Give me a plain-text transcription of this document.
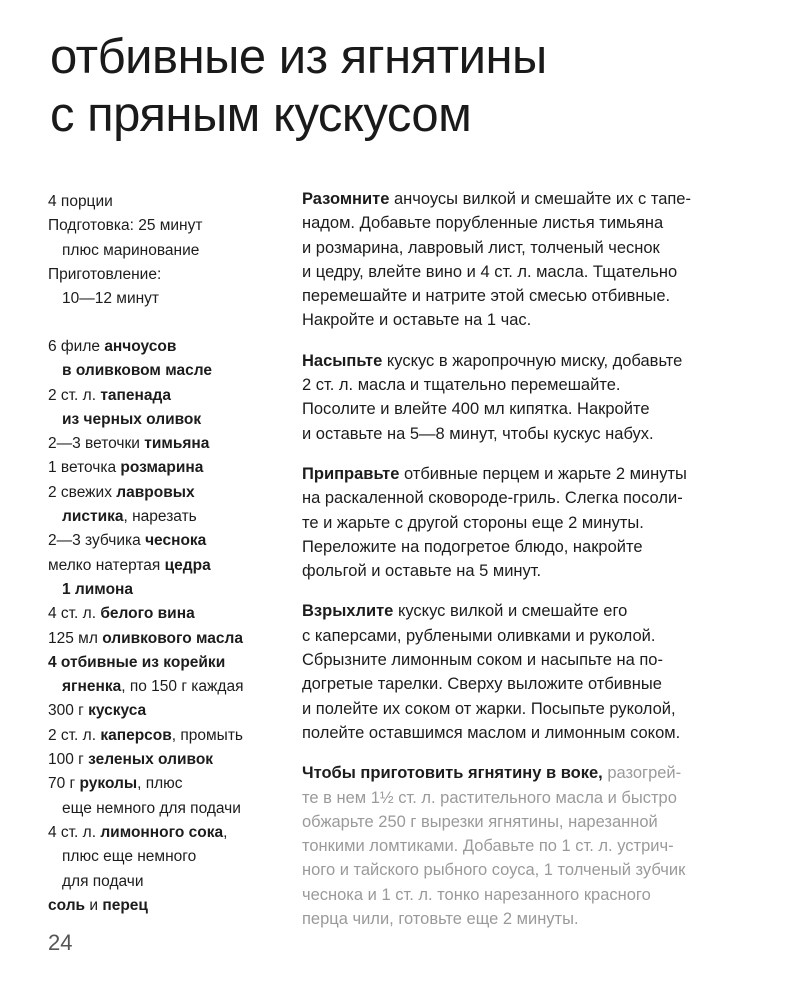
отбивные из ягнятины
с пряным кускусом
4 порции
Подготовка: 25 минут
плюс маринование
Приготовление:
10—12 минут
6 филе анчоусов
в оливковом масле
2 ст. л. тапенада
из черных оливок
2—3 веточки тимьяна
1 веточка розмарина
2 свежих лавровых
листика, нарезать
2—3 зубчика чеснока
мелко натертая цедра
1 лимона
4 ст. л. белого вина
125 мл оливкового масла
4 отбивные из корейки
ягненка, по 150 г каждая
300 г кускуса
2 ст. л. каперсов, промыть
100 г зеленых оливок
70 г руколы, плюс
еще немного для подачи
4 ст. л. лимонного сока,
плюс еще немного
для подачи
соль и перец
Разомните анчоусы вилкой и смешайте их с тапе-
надом. Добавьте порубленные листья тимьяна
и розмарина, лавровый лист, толченый чеснок
и цедру, влейте вино и 4 ст. л. масла. Тщательно
перемешайте и натрите этой смесью отбивные.
Накройте и оставьте на 1 час.
Насыпьте кускус в жаропрочную миску, добавьте
2 ст. л. масла и тщательно перемешайте.
Посолите и влейте 400 мл кипятка. Накройте
и оставьте на 5—8 минут, чтобы кускус набух.
Приправьте отбивные перцем и жарьте 2 минуты
на раскаленной сковороде-гриль. Слегка посоли-
те и жарьте с другой стороны еще 2 минуты.
Переложите на подогретое блюдо, накройте
фольгой и оставьте на 5 минут.
Взрыхлите кускус вилкой и смешайте его
с каперсами, рублеными оливками и руколой.
Сбрызните лимонным соком и насыпьте на по-
догретые тарелки. Сверху выложите отбивные
и полейте их соком от жарки. Посыпьте руколой,
полейте оставшимся маслом и лимонным соком.
Чтобы приготовить ягнятину в воке, разогрей-
те в нем 1½ ст. л. растительного масла и быстро
обжарьте 250 г вырезки ягнятины, нарезанной
тонкими ломтиками. Добавьте по 1 ст. л. устрич-
ного и тайского рыбного соуса, 1 толченый зубчик
чеснока и 1 ст. л. тонко нарезанного красного
перца чили, готовьте еще 2 минуты.
24
